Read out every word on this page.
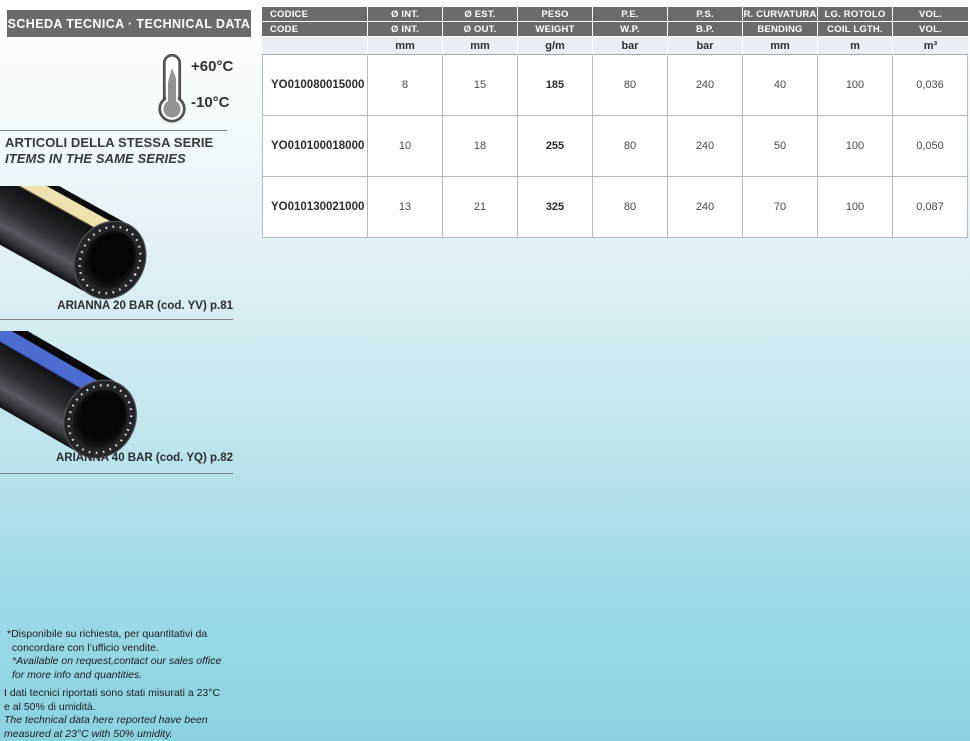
SCHEDA TECNICA · TECHNICAL DATA
+60°C
-10°C
ARTICOLI DELLA STESSA SERIE
ITEMS IN THE SAME SERIES
ARIANNA 20 BAR (cod. YV) p.81
ARIANNA 40 BAR (cod. YQ) p.82
CODICE	Ø INT.	Ø EST.	PESO	P.E.	P.S.	R. CURVATURA	LG. ROTOLO	VOL.
CODE	Ø INT.	Ø OUT.	WEIGHT	W.P.	B.P.	BENDING	COIL LGTH.	VOL.
	mm	mm	g/m	bar	bar	mm	m	m³
YO010080015000	8	15	185	80	240	40	100	0,036
YO010100018000	10	18	255	80	240	50	100	0,050
YO010130021000	13	21	325	80	240	70	100	0,087
*Disponibile su richiesta, per quantitativi da
concordare con l’ufficio vendite.
*Available on request,contact our sales office
for more info and quantities.
I dati tecnici riportati sono stati misurati a 23°C
e al 50% di umidità.
The technical data here reported have been
measured at 23°C with 50% umidity.
